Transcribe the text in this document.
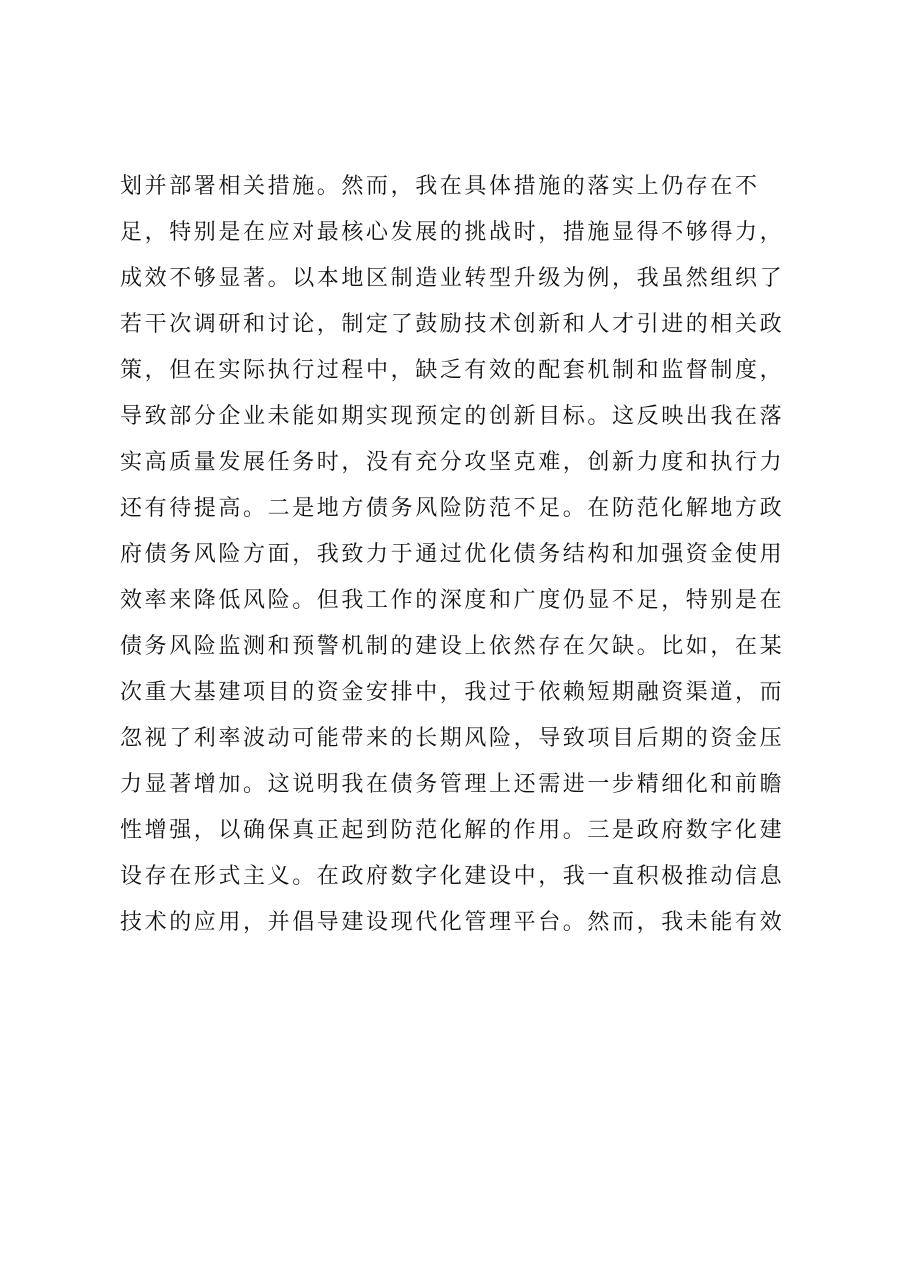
划并部署相关措施。然而，我在具体措施的落实上仍存在不
足，特别是在应对最核心发展的挑战时，措施显得不够得力，
成效不够显著。以本地区制造业转型升级为例，我虽然组织了
若干次调研和讨论，制定了鼓励技术创新和人才引进的相关政
策，但在实际执行过程中，缺乏有效的配套机制和监督制度，
导致部分企业未能如期实现预定的创新目标。这反映出我在落
实高质量发展任务时，没有充分攻坚克难，创新力度和执行力
还有待提高。二是地方债务风险防范不足。在防范化解地方政
府债务风险方面，我致力于通过优化债务结构和加强资金使用
效率来降低风险。但我工作的深度和广度仍显不足，特别是在
债务风险监测和预警机制的建设上依然存在欠缺。比如，在某
次重大基建项目的资金安排中，我过于依赖短期融资渠道，而
忽视了利率波动可能带来的长期风险，导致项目后期的资金压
力显著增加。这说明我在债务管理上还需进一步精细化和前瞻
性增强，以确保真正起到防范化解的作用。三是政府数字化建
设存在形式主义。在政府数字化建设中，我一直积极推动信息
技术的应用，并倡导建设现代化管理平台。然而，我未能有效
